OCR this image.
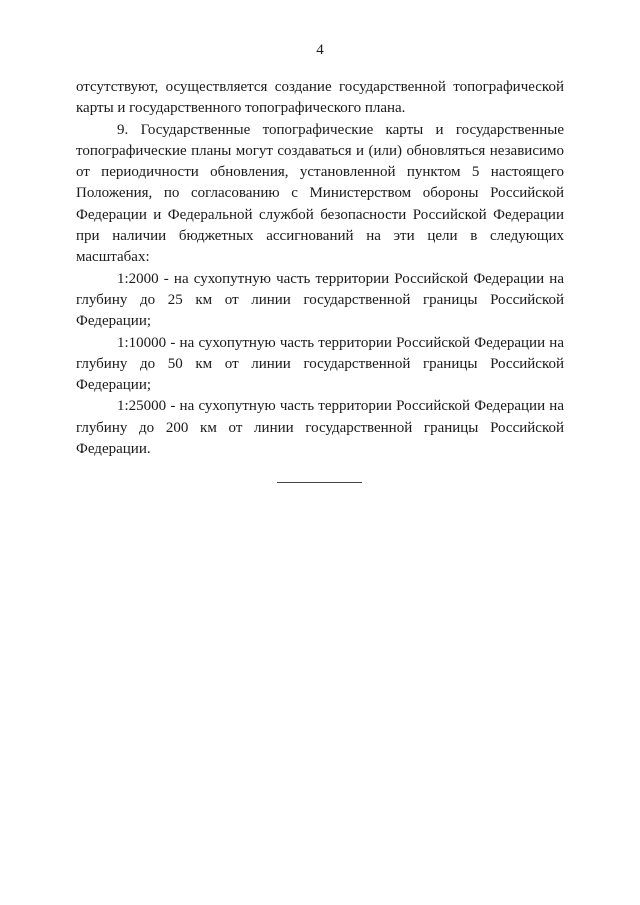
4

отсутствуют, осуществляется создание государственной топографической карты и государственного топографического плана.

9. Государственные топографические карты и государственные топографические планы могут создаваться и (или) обновляться независимо от периодичности обновления, установленной пунктом 5 настоящего Положения, по согласованию с Министерством обороны Российской Федерации и Федеральной службой безопасности Российской Федерации при наличии бюджетных ассигнований на эти цели в следующих масштабах:

1:2000 - на сухопутную часть территории Российской Федерации на глубину до 25 км от линии государственной границы Российской Федерации;

1:10000 - на сухопутную часть территории Российской Федерации на глубину до 50 км от линии государственной границы Российской Федерации;

1:25000 - на сухопутную часть территории Российской Федерации на глубину до 200 км от линии государственной границы Российской Федерации.
